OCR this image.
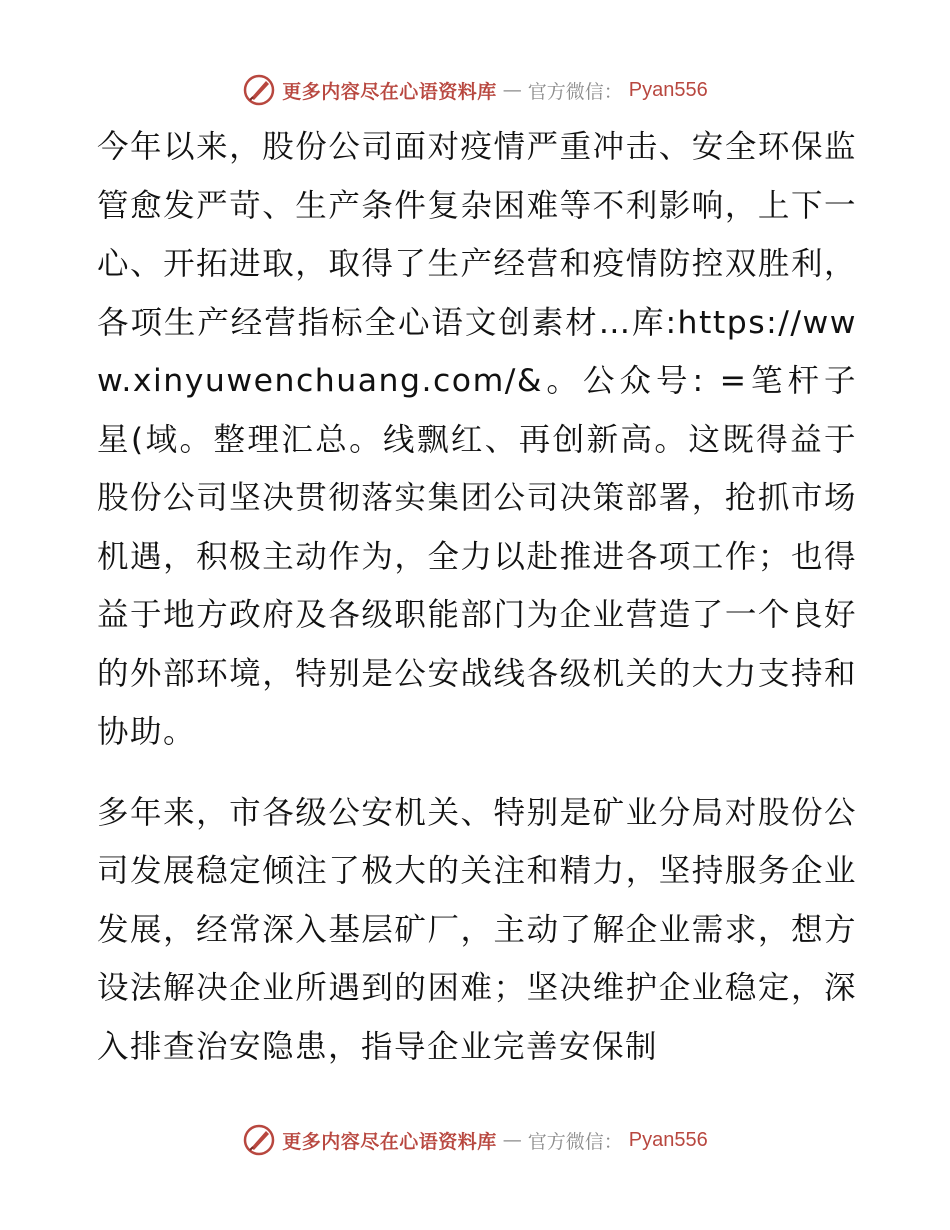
更多内容尽在心语资料库 — 官方微信： Pyan556

今年以来，股份公司面对疫情严重冲击、安全环保监管愈发严苛、生产条件复杂困难等不利影响，上下一心、开拓进取，取得了生产经营和疫情防控双胜利，各项生产经营指标全心语文创素材…库:https://www.xinyuwenchuang.com/&。公众号: =笔杆子星(域。整理汇总。线飘红、再创新高。这既得益于股份公司坚决贯彻落实集团公司决策部署，抢抓市场机遇，积极主动作为，全力以赴推进各项工作；也得益于地方政府及各级职能部门为企业营造了一个良好的外部环境，特别是公安战线各级机关的大力支持和协助。

多年来，市各级公安机关、特别是矿业分局对股份公司发展稳定倾注了极大的关注和精力，坚持服务企业发展，经常深入基层矿厂，主动了解企业需求，想方设法解决企业所遇到的困难；坚决维护企业稳定，深入排查治安隐患，指导企业完善安保制

更多内容尽在心语资料库 — 官方微信： Pyan556
